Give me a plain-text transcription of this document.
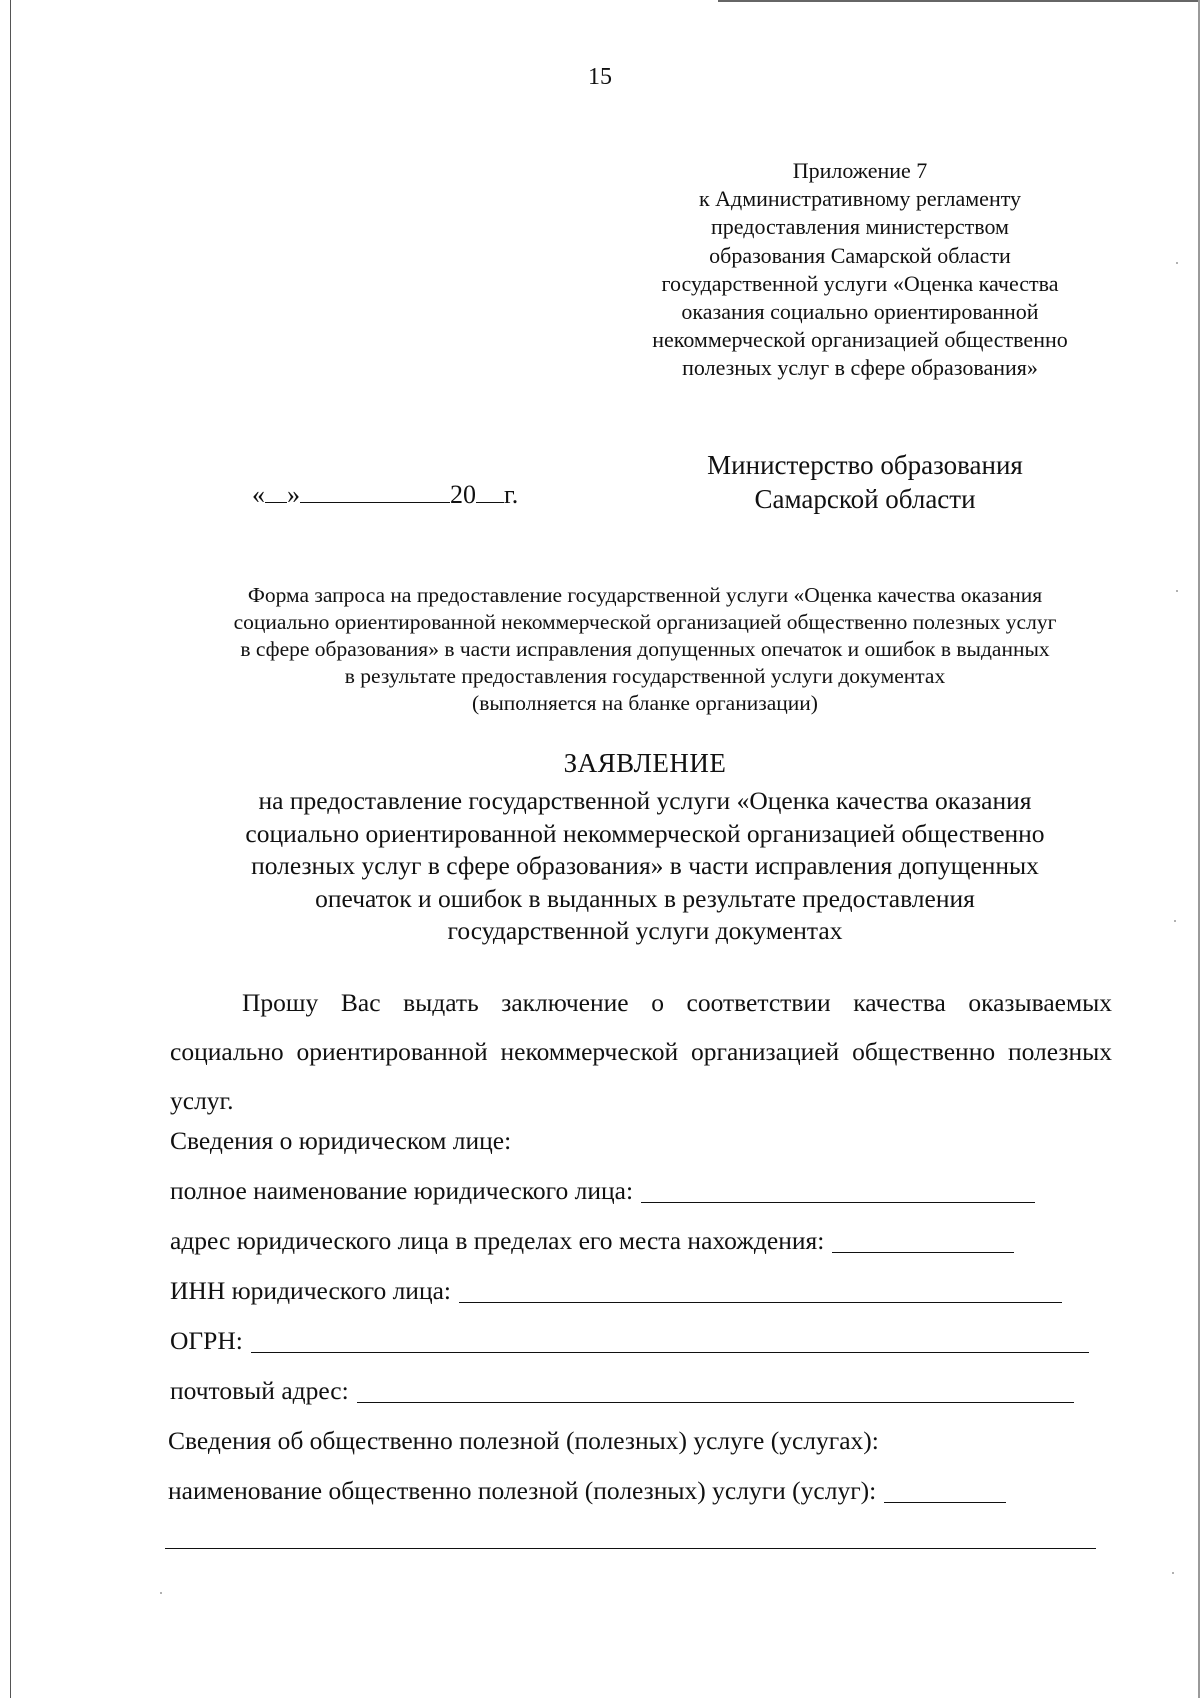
15
Приложение 7
к Административному регламенту
предоставления министерством
образования Самарской области
государственной услуги «Оценка качества
оказания социально ориентированной
некоммерческой организацией общественно
полезных услуг в сфере образования»
« »	20 г.
Министерство образования
Самарской области
Форма запроса на предоставление государственной услуги «Оценка качества оказания
социально ориентированной некоммерческой организацией общественно полезных услуг
в сфере образования» в части исправления допущенных опечаток и ошибок в выданных
в результате предоставления государственной услуги документах
(выполняется на бланке организации)
ЗАЯВЛЕНИЕ
на предоставление государственной услуги «Оценка качества оказания
социально ориентированной некоммерческой организацией общественно
полезных услуг в сфере образования» в части исправления допущенных
опечаток и ошибок в выданных в результате предоставления
государственной услуги документах
Прошу Вас выдать заключение о соответствии качества оказываемых социально ориентированной некоммерческой организацией общественно полезных услуг.
Сведения о юридическом лице:
полное наименование юридического лица:
адрес юридического лица в пределах его места нахождения:
ИНН юридического лица:
ОГРН:
почтовый адрес:
Сведения об общественно полезной (полезных) услуге (услугах):
наименование общественно полезной (полезных) услуги (услуг):
